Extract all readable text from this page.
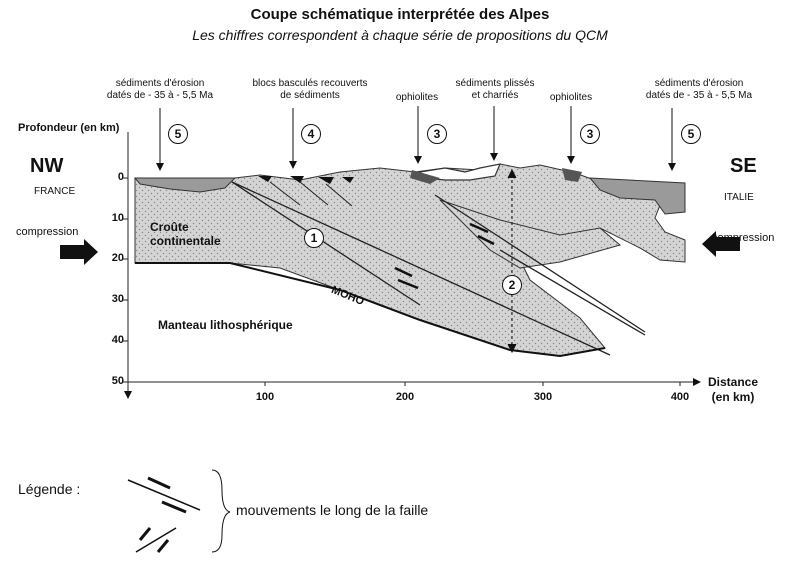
Coupe schématique interprétée des Alpes
Les chiffres correspondent à chaque série de propositions du QCM
sédiments d'érosion
datés de - 35 à - 5,5 Ma
blocs basculés recouverts
de sédiments	ophiolites
sédiments plissés
et charriés	ophiolites
sédiments d'érosion
datés de - 35 à - 5,5 Ma
5	4	3	3	5
1
2
Profondeur (en km)
NW	SE
FRANCE
ITALIE
compression	compression
Croûte
continentale
MOHO
Manteau lithosphérique
0
10
20
30
40
50
100	200	300	400
Distance
(en km)
Légende :
mouvements le long de la faille
